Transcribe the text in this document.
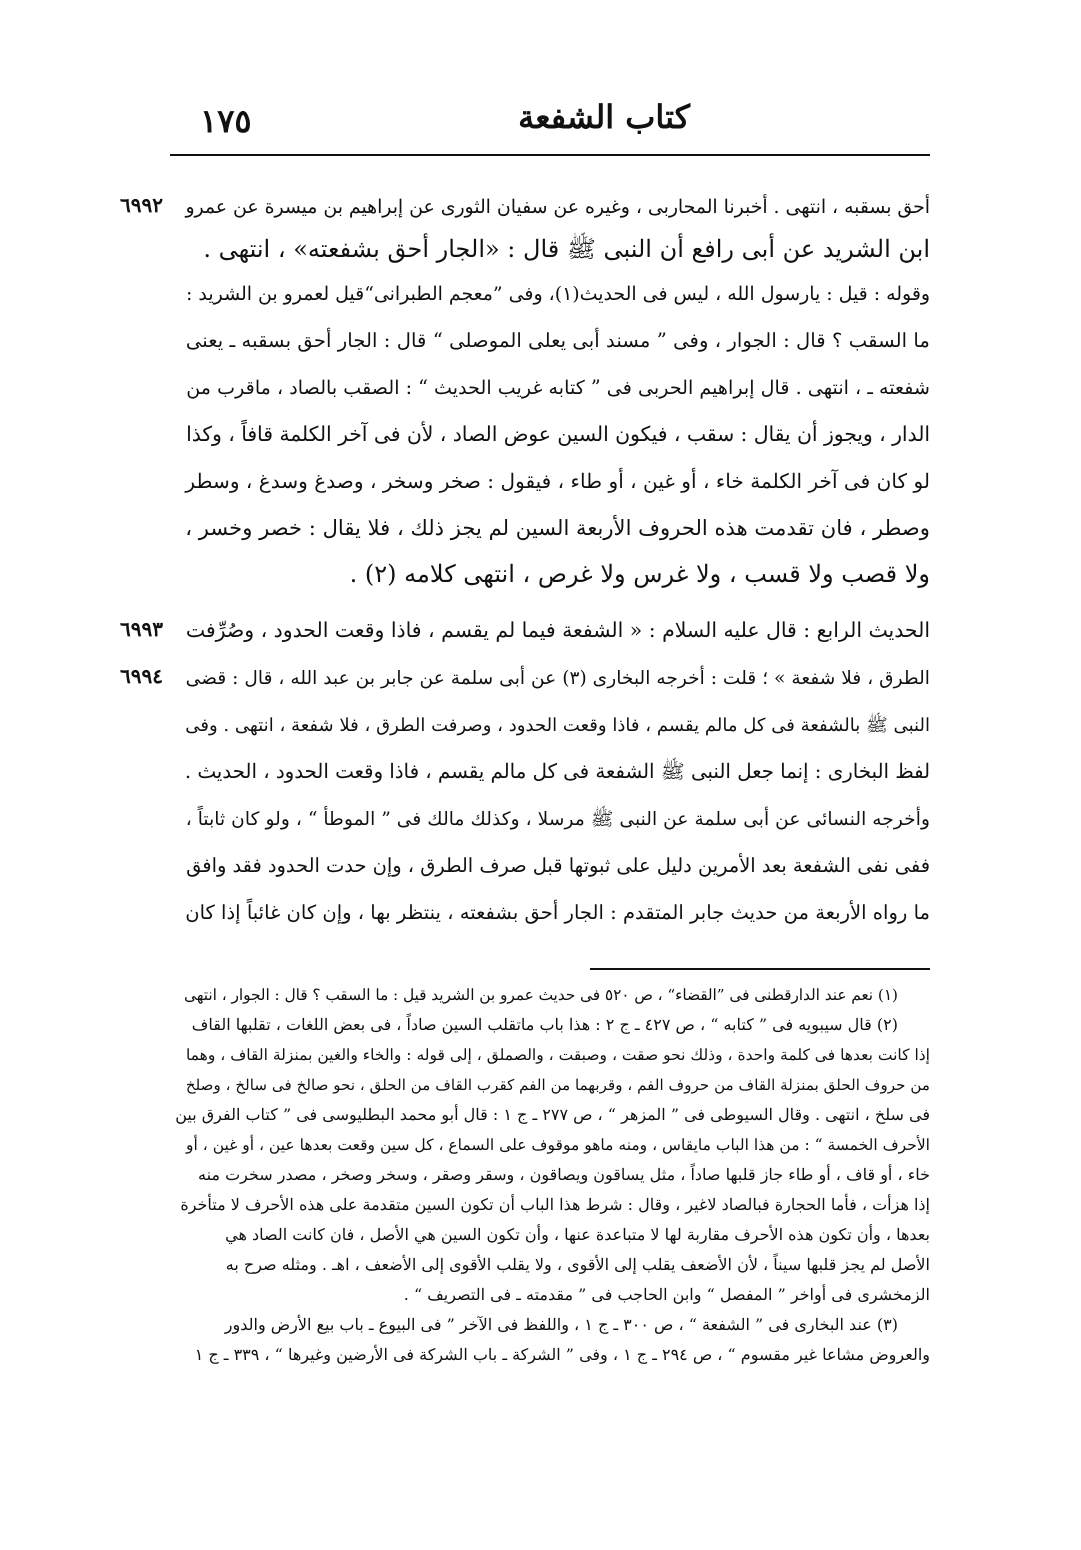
١٧٥	كتاب الشفعة
أحق بسقبه ، انتهى . أخبرنا المحاربى ، وغيره عن سفيان الثورى عن إبراهيم بن ميسرة عن عمرو
٦٩٩٢
ابن الشريد عن أبى رافع أن النبى ﷺ قال : «الجار أحق بشفعته» ، انتهى .
وقوله : قيل : يارسول الله ، ليس فى الحديث(١)، وفى ”معجم الطبرانى“قيل لعمرو بن الشريد :
ما السقب ؟ قال : الجوار ، وفى ” مسند أبى يعلى الموصلى “ قال : الجار أحق بسقبه ـ يعنى
شفعته ـ ، انتهى . قال إبراهيم الحربى فى ” كتابه غريب الحديث “ : الصقب بالصاد ، ماقرب من
الدار ، ويجوز أن يقال : سقب ، فيكون السين عوض الصاد ، لأن فى آخر الكلمة قافاً ، وكذا
لو كان فى آخر الكلمة خاء ، أو غين ، أو طاء ، فيقول : صخر وسخر ، وصدغ وسدغ ، وسطر
وصطر ، فان تقدمت هذه الحروف الأربعة السين لم يجز ذلك ، فلا يقال : خصر وخسر ،
ولا قصب ولا قسب ، ولا غرس ولا غرص ، انتهى كلامه (٢) .
الحديث الرابع : قال عليه السلام : « الشفعة فيما لم يقسم ، فاذا وقعت الحدود ، وصُرِّفت
٦٩٩٣
الطرق ، فلا شفعة » ؛ قلت : أخرجه البخارى (٣) عن أبى سلمة عن جابر بن عبد الله ، قال : قضى
٦٩٩٤
النبى ﷺ بالشفعة فى كل مالم يقسم ، فاذا وقعت الحدود ، وصرفت الطرق ، فلا شفعة ، انتهى . وفى
لفظ البخارى : إنما جعل النبى ﷺ الشفعة فى كل مالم يقسم ، فاذا وقعت الحدود ، الحديث .
وأخرجه النسائى عن أبى سلمة عن النبى ﷺ مرسلا ، وكذلك مالك فى ” الموطأ “ ، ولو كان ثابتاً ،
ففى نفى الشفعة بعد الأمرين دليل على ثبوتها قبل صرف الطرق ، وإن حدت الحدود فقد وافق
ما رواه الأربعة من حديث جابر المتقدم : الجار أحق بشفعته ، ينتظر بها ، وإن كان غائباً إذا كان
(١) نعم عند الدارقطنى فى ”القضاء“ ، ص ٥٢٠ فى حديث عمرو بن الشريد قيل : ما السقب ؟ قال : الجوار ، انتهى
(٢) قال سيبويه فى ” كتابه “ ، ص ٤٢٧ ـ ج ٢ : هذا باب ماتقلب السين صاداً ، فى بعض اللغات ، تقلبها القاف
إذا كانت بعدها فى كلمة واحدة ، وذلك نحو صقت ، وصبقت ، والصملق ، إلى قوله : والخاء والغين بمنزلة القاف ، وهما
من حروف الحلق بمنزلة القاف من حروف الفم ، وقربهما من الفم كقرب القاف من الحلق ، نحو صالخ فى سالخ ، وصلخ
فى سلخ ، انتهى . وقال السيوطى فى ” المزهر “ ، ص ٢٧٧ ـ ج ١ : قال أبو محمد البطليوسى فى ” كتاب الفرق بين
الأحرف الخمسة “ : من هذا الباب مايقاس ، ومنه ماهو موقوف على السماع ، كل سين وقعت بعدها عين ، أو غين ، أو
خاء ، أو قاف ، أو طاء جاز قلبها صاداً ، مثل يساقون ويصاقون ، وسقر وصقر ، وسخر وصخر ، مصدر سخرت منه
إذا هزأت ، فأما الحجارة فبالصاد لاغير ، وقال : شرط هذا الباب أن تكون السين متقدمة على هذه الأحرف لا متأخرة
بعدها ، وأن تكون هذه الأحرف مقاربة لها لا متباعدة عنها ، وأن تكون السين هي الأصل ، فان كانت الصاد هي
الأصل لم يجز قلبها سيناً ، لأن الأضعف يقلب إلى الأقوى ، ولا يقلب الأقوى إلى الأضعف ، اهـ . ومثله صرح به
الزمخشرى فى أواخر ” المفصل “ وابن الحاجب فى ” مقدمته ـ فى التصريف “ .
(٣) عند البخارى فى ” الشفعة “ ، ص ٣٠٠ ـ ج ١ ، واللفظ فى الآخر ” فى البيوع ـ باب بيع الأرض والدور
والعروض مشاعا غير مقسوم “ ، ص ٢٩٤ ـ ج ١ ، وفى ” الشركة ـ باب الشركة فى الأرضين وغيرها “ ، ٣٣٩ ـ ج ١
